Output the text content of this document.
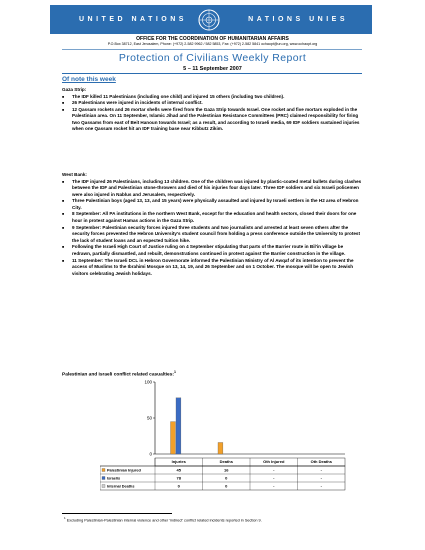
UNITED NATIONS	NATIONS UNIES
OFFICE FOR THE COORDINATION OF HUMANITARIAN AFFAIRS
P.O.Box 38712, East Jerusalem, Phone: (+972) 2-582 9962 / 582 5853, Fax: (+972) 2-582 5841 ochaopt@un.org, www.ochaopt.org
Protection of Civilians Weekly Report
5 – 11 September 2007
Of note this week
Gaza Strip:
■ The IDF killed 11 Palestinians (including one child) and injured 15 others (including two children).
■ 26 Palestinians were injured in incidents of internal conflict.
■ 12 Qassam rockets and 26 mortar shells were fired from the Gaza Strip towards Israel. One rocket and five mortars exploded in the Palestinian area. On 11 September, Islamic Jihad and the Palestinian Resistance Committees (PRC) claimed responsibility for firing two Qassams from east of Beit Hanoun towards Israel; as a result, and according to Israeli media, 69 IDF soldiers sustained injuries when one Qassam rocket hit an IDF training base near Kibbutz Zikim.
West Bank:
■ The IDF injured 26 Palestinians, including 13 children. One of the children was injured by plastic-coated metal bullets during clashes between the IDF and Palestinian stone-throwers and died of his injuries four days later. Three IDF soldiers and six Israeli policemen were also injured in Nablus and Jerusalem, respectively.
■ Three Palestinian boys (aged 13, 13, and 15 years) were physically assaulted and injured by Israeli settlers in the H2 area of Hebron City.
■ 8 September: All PA institutions in the northern West Bank, except for the education and health sectors, closed their doors for one hour in protest against Hamas actions in the Gaza Strip.
■ 9 September: Palestinian security forces injured three students and two journalists and arrested at least seven others after the security forces prevented the Hebron University's student council from holding a press conference outside the University to protest the lack of student loans and an expected tuition hike.
■ Following the Israeli High Court of Justice ruling on 4 September stipulating that parts of the Barrier route in Bil'in village be redrawn, partially dismantled, and rebuilt, demonstrations continued in protest against the Barrier construction in the village.
■ 11 September: The Israeli DCL in Hebron Governorate informed the Palestinian Ministry of Al Awqaf of its intention to prevent the access of Muslims to the Ibrahimi Mosque on 13, 14, 19, and 26 September and on 1 October. The mosque will be open to Jewish visitors celebrating Jewish holidays.
Palestinian and Israeli conflict related casualties:$^1$
0
50
100
Injuries	Deaths	Oth Injured	Oth Deaths
Palestinian Injured	45	16	-	-
Israelis	78	0	-	-
Internal Deaths	0	0	-	-
$^1$ Excluding Palestinian-Palestinian internal violence and other 'indirect' conflict related incidents reported in Section 9.
